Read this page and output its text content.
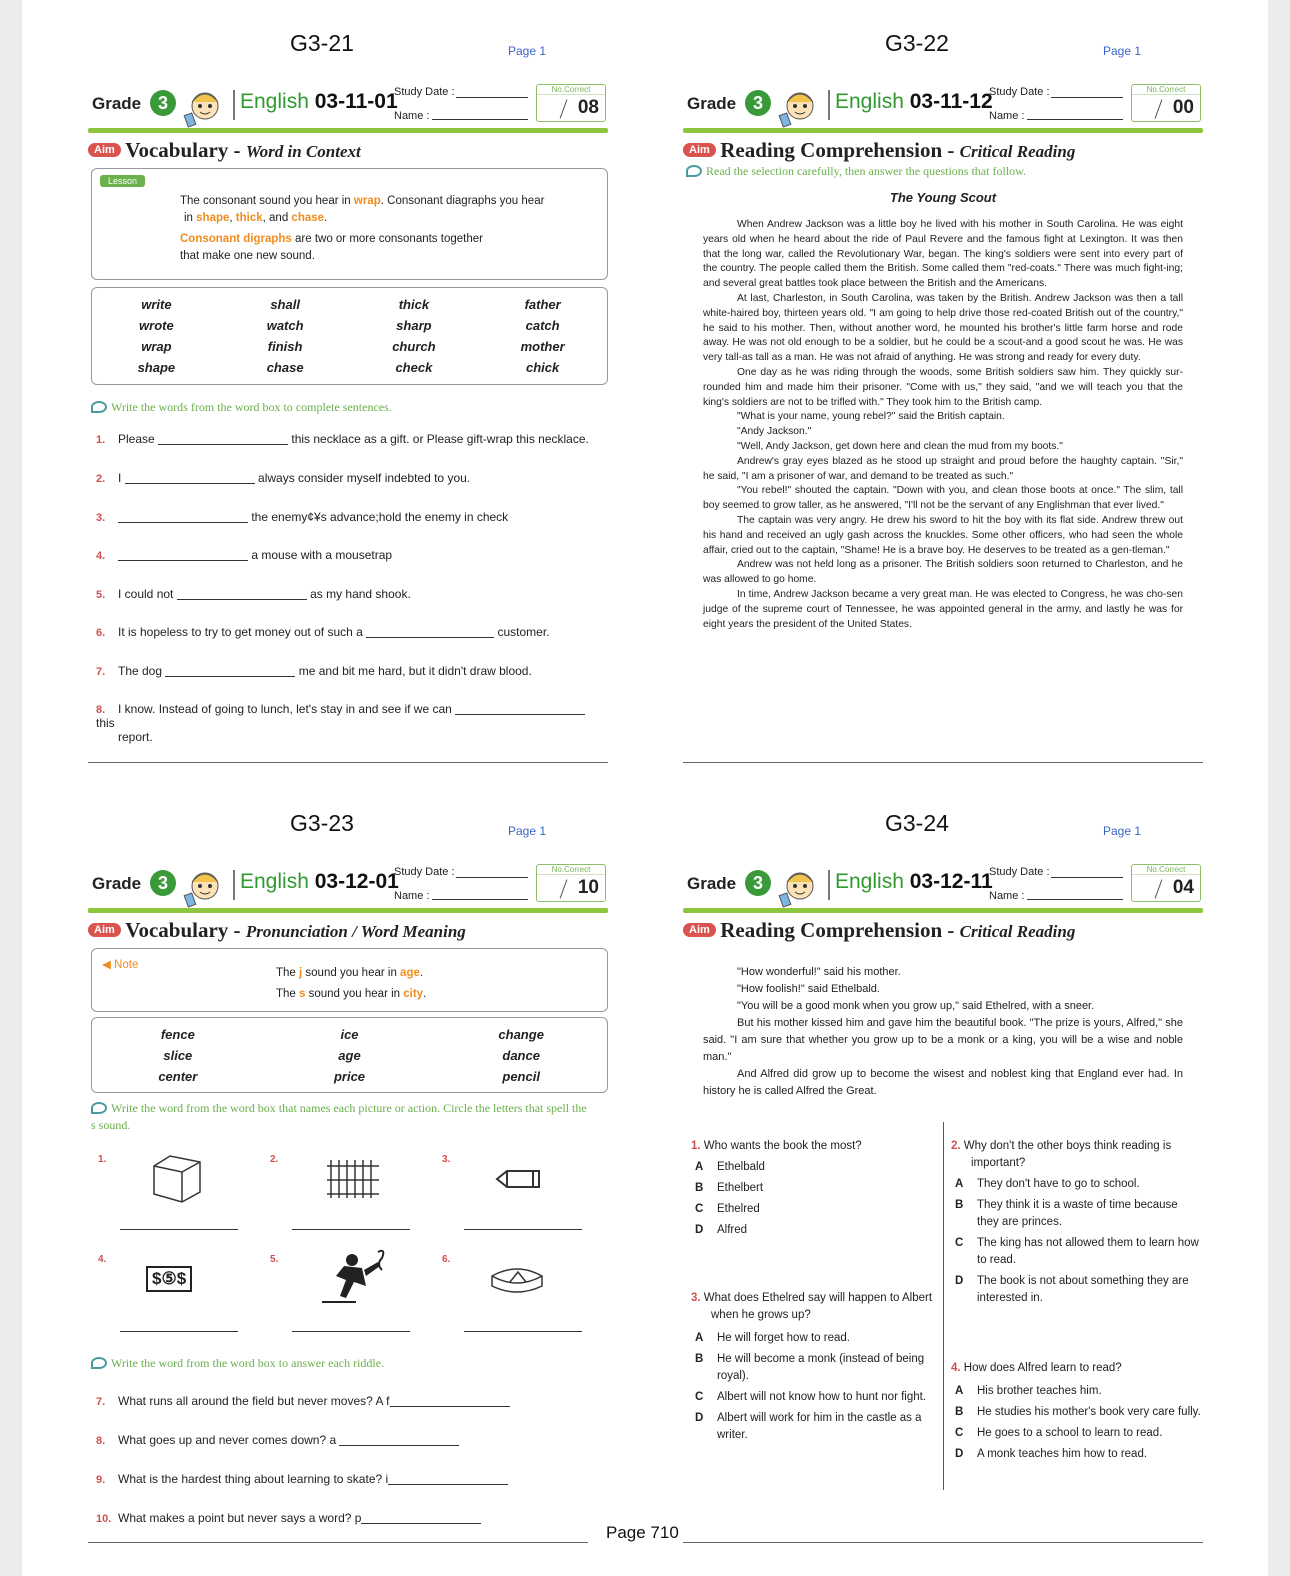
G3-21	Page 1
Grade 3	English 03-11-01
Study Date :
Name :
No.Correct
08
Aim Vocabulary - Word in Context
Lesson
The consonant sound you hear in wrap. Consonant diagraphs you hear
in shape, thick, and chase.
Consonant digraphs are two or more consonants together
that make one new sound.
write	shall	thick	father
wrote	watch	sharp	catch
wrap	finish	church	mother
shape	chase	check	chick
Write the words from the word box to complete sentences.
1. Please	this necklace as a gift. or Please gift-wrap this necklace.
2. I	always consider myself indebted to you.
3.	the enemy¢¥s advance;hold the enemy in check
4.	a mouse with a mousetrap
5. I could not	as my hand shook.
6. It is hopeless to try to get money out of such a	customer.
7. The dog	me and bit me hard, but it didn't draw blood.
8. I know. Instead of going to lunch, let's stay in and see if we can  this
report.
G3-22	Page 1
Grade 3	English 03-11-12
Study Date :
Name :
No.Correct
00
Aim Reading Comprehension - Critical Reading
Read the selection carefully, then answer the questions that follow.
The Young Scout

When Andrew Jackson was a little boy he lived with his mother in South Carolina. He was eight years old when he heard about the ride of Paul Revere and the famous fight at Lexington. It was then that the long war, called the Revolutionary War, began. The king's soldiers were sent into every part of the country. The people called them the British. Some called them "red-coats." There was much fight-ing; and several great battles took place between the British and the Americans.

At last, Charleston, in South Carolina, was taken by the British. Andrew Jackson was then a tall white-haired boy, thirteen years old. "I am going to help drive those red-coated British out of the country," he said to his mother. Then, without another word, he mounted his brother's little farm horse and rode away. He was not old enough to be a soldier, but he could be a scout-and a good scout he was. He was very tall-as tall as a man. He was not afraid of anything. He was strong and ready for every duty.

One day as he was riding through the woods, some British soldiers saw him. They quickly sur-rounded him and made him their prisoner. "Come with us," they said, "and we will teach you that the king's soldiers are not to be trifled with." They took him to the British camp.

"What is your name, young rebel?" said the British captain.

"Andy Jackson."

"Well, Andy Jackson, get down here and clean the mud from my boots."

Andrew's gray eyes blazed as he stood up straight and proud before the haughty captain. "Sir," he said, "I am a prisoner of war, and demand to be treated as such."

"You rebel!" shouted the captain. "Down with you, and clean those boots at once." The slim, tall boy seemed to grow taller, as he answered, "I'll not be the servant of any Englishman that ever lived."

The captain was very angry. He drew his sword to hit the boy with its flat side. Andrew threw out his hand and received an ugly gash across the knuckles. Some other officers, who had seen the whole affair, cried out to the captain, "Shame! He is a brave boy. He deserves to be treated as a gen-tleman."

Andrew was not held long as a prisoner. The British soldiers soon returned to Charleston, and he was allowed to go home.

In time, Andrew Jackson became a very great man. He was elected to Congress, he was cho-sen judge of the supreme court of Tennessee, he was appointed general in the army, and lastly he was for eight years the president of the United States.

G3-23	Page 1
Grade 3	English 03-12-01
Study Date :
Name :
No.Correct
10
Aim Vocabulary - Pronunciation / Word Meaning
◀ Note
The j sound you hear in age.
The s sound you hear in city.
fence	ice	change
slice	age	dance
center	price	pencil
Write the word from the word box that names each picture or action. Circle the letters that spell the s sound.
1.	2.	3.
4.	5.	6.
$⑤$
Write the word from the word box to answer each riddle.
7. What runs all around the field but never moves? A f
8. What goes up and never comes down? a
9. What is the hardest thing about learning to skate? i
10. What makes a point but never says a word? p
G3-24	Page 1
Grade 3	English 03-12-11
Study Date :
Name :
No.Correct
04
Aim Reading Comprehension - Critical Reading

"How wonderful!" said his mother.

"How foolish!" said Ethelbald.

"You will be a good monk when you grow up," said Ethelred, with a sneer.

But his mother kissed him and gave him the beautiful book. "The prize is yours, Alfred," she said. "I am sure that whether you grow up to be a monk or a king, you will be a wise and noble man."

And Alfred did grow up to become the wisest and noblest king that England ever had. In history he is called Alfred the Great.

1. Who wants the book the most?
A Ethelbald
B Ethelbert
C Ethelred
D Alfred
2. Why don't the other boys think reading is important?
A They don't have to go to school.
B They think it is a waste of time because they are princes.
C The king has not allowed them to learn how to read.
D The book is not about something they are interested in.
3. What does Ethelred say will happen to Albert when he grows up?
A He will forget how to read.
B He will become a monk (instead of being royal).
C Albert will not know how to hunt nor fight.
D Albert will work for him in the castle as a writer.
4. How does Alfred learn to read?
A His brother teaches him.
B He studies his mother's book very care fully.
C He goes to a school to learn to read.
D A monk teaches him how to read.
Page 710
